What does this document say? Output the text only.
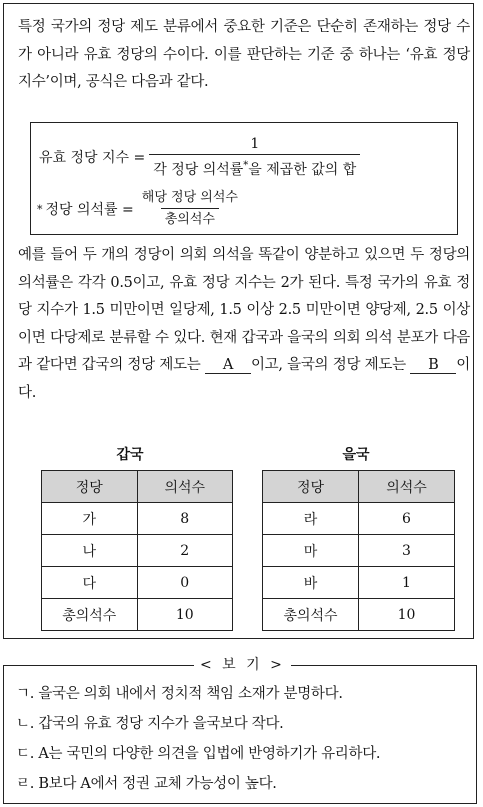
특정 국가의 정당 제도 분류에서 중요한 기준은 단순히 존재하는 정당 수가 아니라 유효 정당의 수이다. 이를 판단하는 기준 중 하나는 ‘유효 정당 지수’이며, 공식은 다음과 같다.

유효 정당 지수 = $\frac{1}{각 정당 의석률^*을 제곱한 값의 합}$
* 정당 의석률 = $\frac{\text{해당 정당 의석수}}{\text{총의석수}}$

예를 들어 두 개의 정당이 의회 의석을 똑같이 양분하고 있으면 두 정당의 의석률은 각각 0.5이고, 유효 정당 지수는 2가 된다. 특정 국가의 유효 정당 지수가 1.5 미만이면 일당제, 1.5 이상 2.5 미만이면 양당제, 2.5 이상이면 다당제로 분류할 수 있다. 현재 갑국과 을국의 의회 의석 분포가 다음과 같다면 갑국의 정당 제도는 A 이고, 을국의 정당 제도는 B 이다.

갑국	을국
정당	의석수
가	8
나	2
다	0
총의석수	10
정당	의석수
라	6
마	3
바	1
총의석수	10
< 보 기 >
ㄱ. 을국은 의회 내에서 정치적 책임 소재가 분명하다.
ㄴ. 갑국의 유효 정당 지수가 을국보다 작다.
ㄷ. A는 국민의 다양한 의견을 입법에 반영하기가 유리하다.
ㄹ. B보다 A에서 정권 교체 가능성이 높다.
